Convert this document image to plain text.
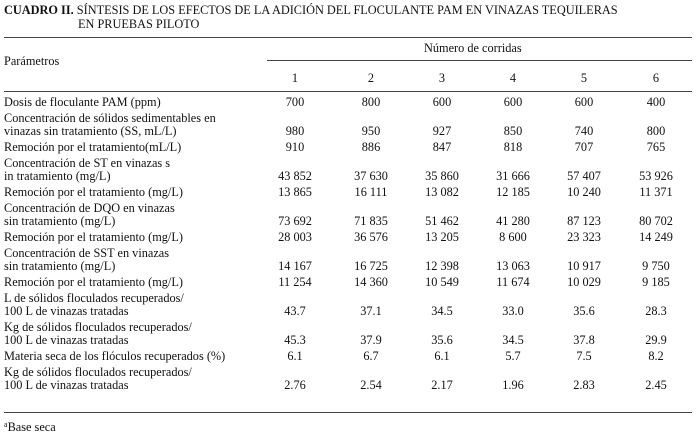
CUADRO II. SÍNTESIS DE LOS EFECTOS DE LA ADICIÓN DEL FLOCULANTE PAM EN VINAZAS TEQUILERAS
EN PRUEBAS PILOTO
Parámetros
Número de corridas
1	2	3	4	5	6
Dosis de floculante PAM (ppm)	700	800	600	600	600	400
Concentración de sólidos sedimentables en
vinazas sin tratamiento (SS, mL/L)	980	950	927	850	740	800
Remoción por el tratamiento(mL/L)	910	886	847	818	707	765
Concentración de ST en vinazas s
in tratamiento (mg/L)	43 852	37 630	35 860	31 666	57 407	53 926
Remoción por el tratamiento (mg/L)	13 865	16 111	13 082	12 185	10 240	11 371
Concentración de DQO en vinazas
sin tratamiento (mg/L)	73 692	71 835	51 462	41 280	87 123	80 702
Remoción por el tratamiento (mg/L)	28 003	36 576	13 205	8 600	23 323	14 249
Concentración de SST en vinazas
sin tratamiento (mg/L)	14 167	16 725	12 398	13 063	10 917	9 750
Remoción por el tratamiento (mg/L)	11 254	14 360	10 549	11 674	10 029	9 185
L de sólidos floculados recuperados/
100 L de vinazas tratadas	43.7	37.1	34.5	33.0	35.6	28.3
Kg de sólidos floculados recuperados/
100 L de vinazas tratadas	45.3	37.9	35.6	34.5	37.8	29.9
Materia seca de los flóculos recuperados (%)	6.1	6.7	6.1	5.7	7.5	8.2
Kg de sólidos floculados recuperados/
100 L de vinazas tratadas	2.76	2.54	2.17	1.96	2.83	2.45
$^a$Base seca
